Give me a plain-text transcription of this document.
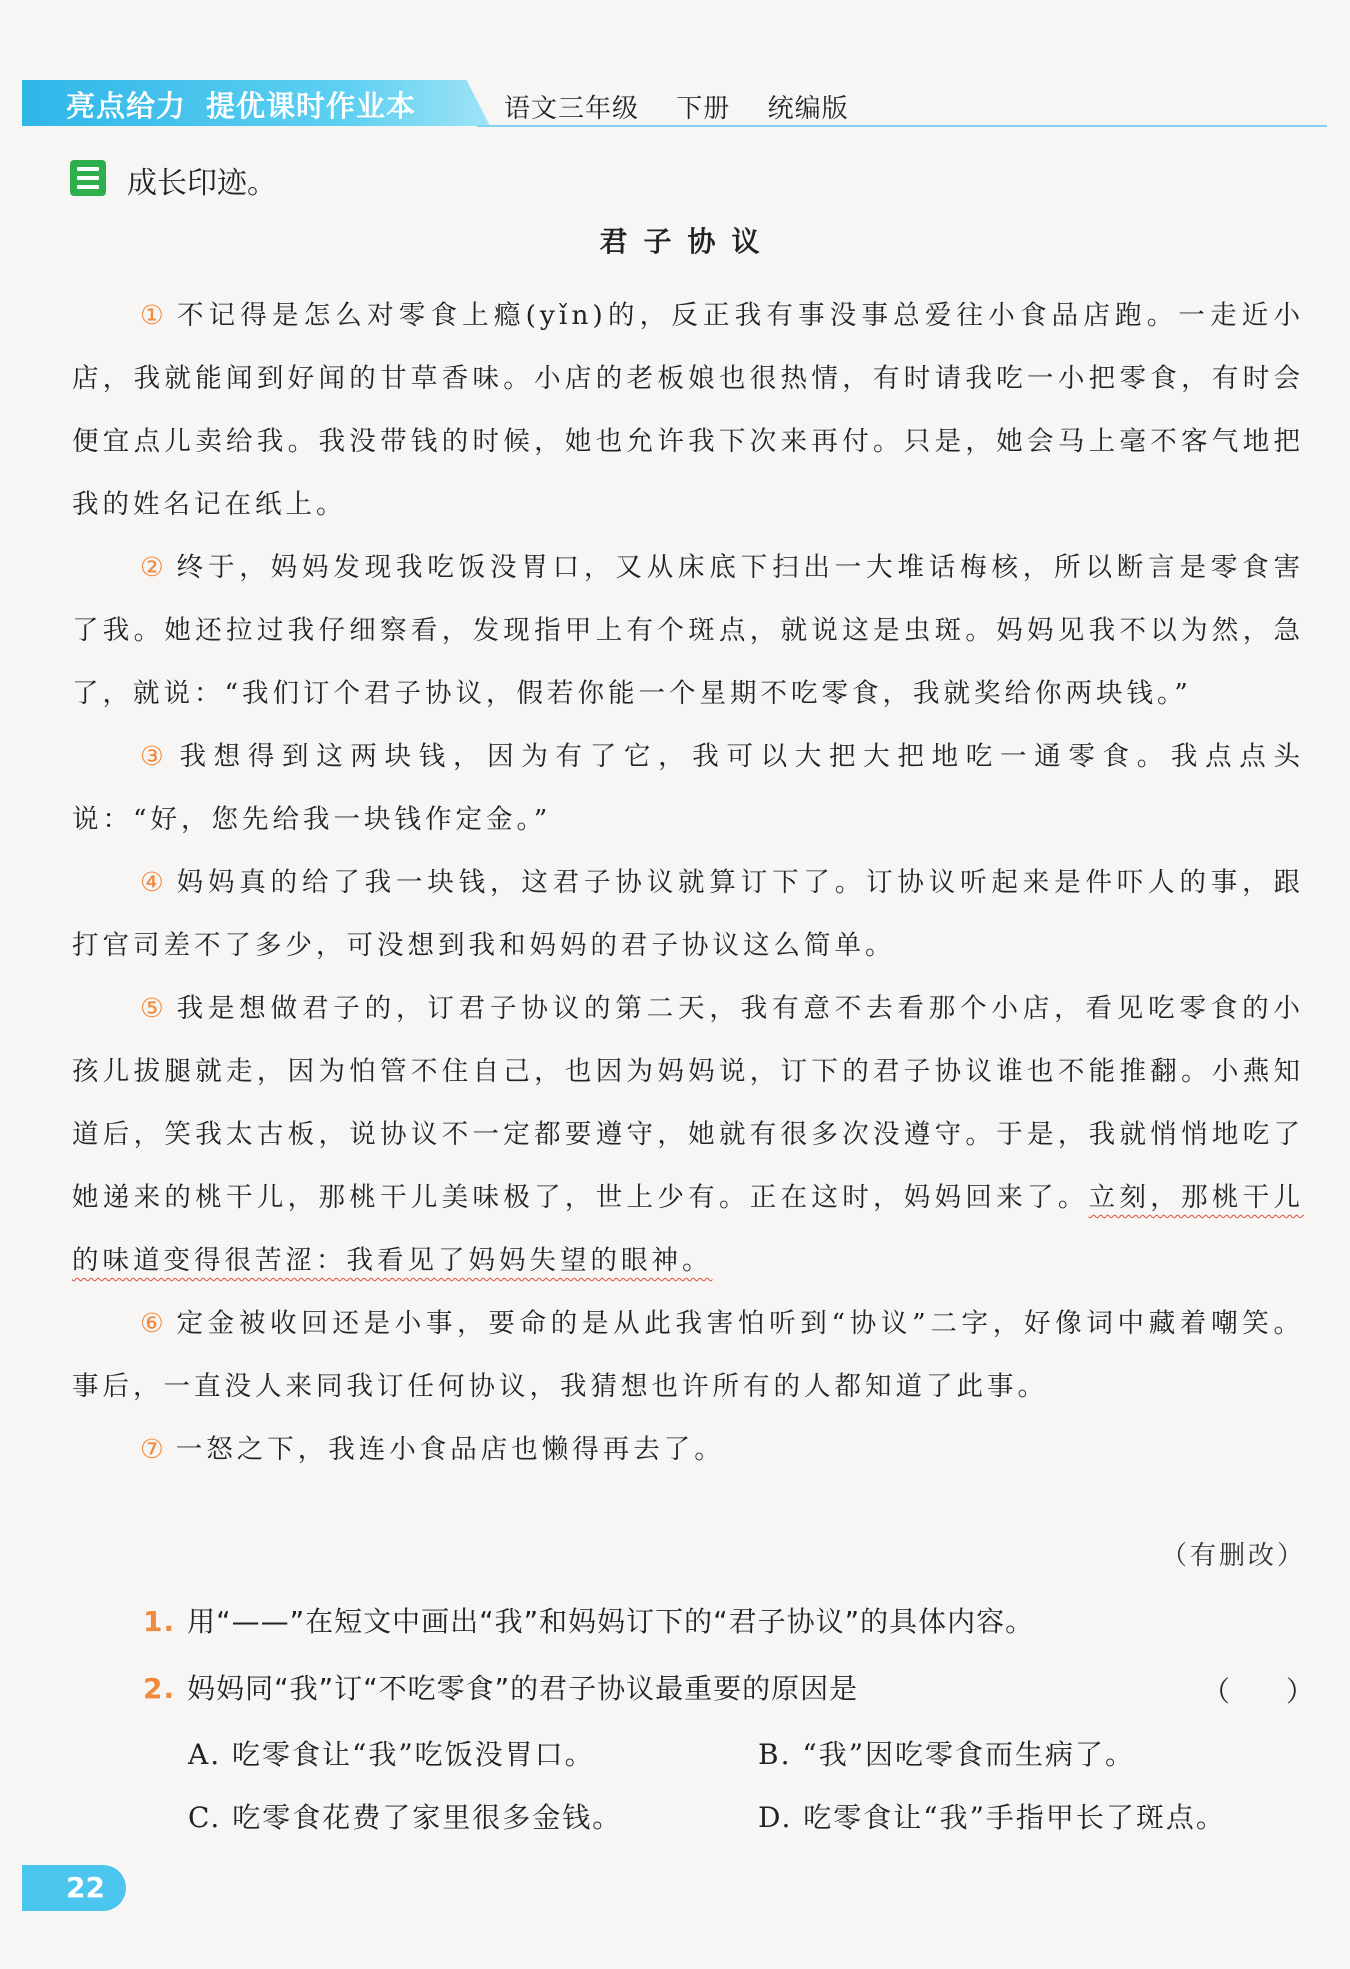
亮点给力 提优课时作业本	语文三年级 下册 统编版
成长印迹。
君子协议

① 不记得是怎么对零食上瘾(yǐn)的，反正我有事没事总爱往小食品店跑。一走近小店，我就能闻到好闻的甘草香味。小店的老板娘也很热情，有时请我吃一小把零食，有时会便宜点儿卖给我。我没带钱的时候，她也允许我下次来再付。只是，她会马上毫不客气地把我的姓名记在纸上。

② 终于，妈妈发现我吃饭没胃口，又从床底下扫出一大堆话梅核，所以断言是零食害了我。她还拉过我仔细察看，发现指甲上有个斑点，就说这是虫斑。妈妈见我不以为然，急了，就说：“我们订个君子协议，假若你能一个星期不吃零食，我就奖给你两块钱。”

③ 我想得到这两块钱，因为有了它，我可以大把大把地吃一通零食。我点点头说：“好，您先给我一块钱作定金。”

④ 妈妈真的给了我一块钱，这君子协议就算订下了。订协议听起来是件吓人的事，跟打官司差不了多少，可没想到我和妈妈的君子协议这么简单。

⑤ 我是想做君子的，订君子协议的第二天，我有意不去看那个小店，看见吃零食的小孩儿拔腿就走，因为怕管不住自己，也因为妈妈说，订下的君子协议谁也不能推翻。小燕知道后，笑我太古板，说协议不一定都要遵守，她就有很多次没遵守。于是，我就悄悄地吃了她递来的桃干儿，那桃干儿美味极了，世上少有。正在这时，妈妈回来了。立刻，那桃干儿的味道变得很苦涩：我看见了妈妈失望的眼神。

⑥ 定金被收回还是小事，要命的是从此我害怕听到“协议”二字，好像词中藏着嘲笑。事后，一直没人来同我订任何协议，我猜想也许所有的人都知道了此事。

⑦ 一怒之下，我连小食品店也懒得再去了。

（有删改）
1. 用“——”在短文中画出“我”和妈妈订下的“君子协议”的具体内容。
2. 妈妈同“我”订“不吃零食”的君子协议最重要的原因是	（　　）
A. 吃零食让“我”吃饭没胃口。	B. “我”因吃零食而生病了。
C. 吃零食花费了家里很多金钱。	D. 吃零食让“我”手指甲长了斑点。
22
